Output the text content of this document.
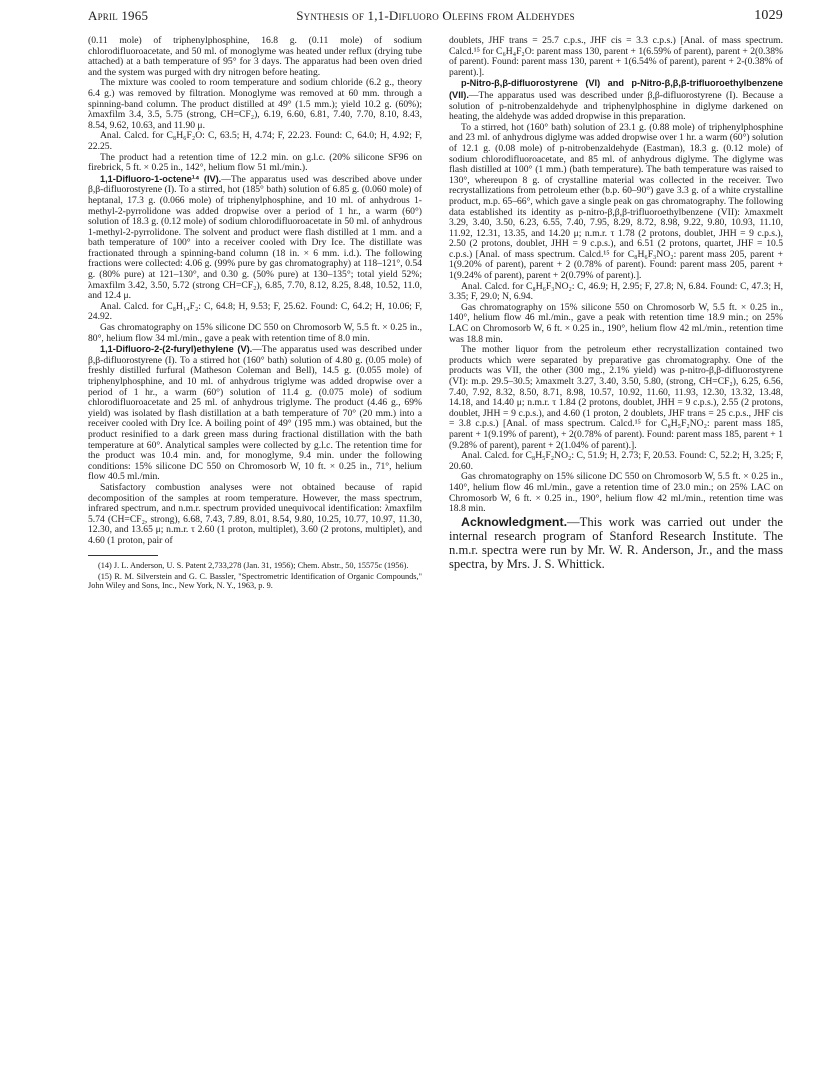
April 1965	Synthesis of 1,1-Difluoro Olefins from Aldehydes	1029

(0.11 mole) of triphenylphosphine, 16.8 g. (0.11 mole) of sodium chlorodifluoroacetate, and 50 ml. of monoglyme was heated under reflux (drying tube attached) at a bath temperature of 95° for 3 days. The apparatus had been oven dried and the system was purged with dry nitrogen before heating.

The mixture was cooled to room temperature and sodium chloride (6.2 g., theory 6.4 g.) was removed by filtration. Monoglyme was removed at 60 mm. through a spinning-band column. The product distilled at 49° (1.5 mm.); yield 10.2 g. (60%); λmaxfilm 3.4, 3.5, 5.75 (strong, CH=CF₂), 6.19, 6.60, 6.81, 7.40, 7.70, 8.10, 8.43, 8.54, 9.62, 10.63, and 11.90 μ.

Anal. Calcd. for C₈H₆F₂O: C, 63.5; H, 4.74; F, 22.23. Found: C, 64.0; H, 4.92; F, 22.25.

The product had a retention time of 12.2 min. on g.l.c. (20% silicone SF96 on firebrick, 5 ft. × 0.25 in., 142°, helium flow 51 ml./min.).

1,1-Difluoro-1-octene¹⁴ (IV).—The apparatus used was described above under β,β-difluorostyrene (I). To a stirred, hot (185° bath) solution of 6.85 g. (0.060 mole) of heptanal, 17.3 g. (0.066 mole) of triphenylphosphine, and 10 ml. of anhydrous 1-methyl-2-pyrrolidone was added dropwise over a period of 1 hr., a warm (60°) solution of 18.3 g. (0.12 mole) of sodium chlorodifluoroacetate in 50 ml. of anhydrous 1-methyl-2-pyrrolidone. The solvent and product were flash distilled at 1 mm. and a bath temperature of 100° into a receiver cooled with Dry Ice. The distillate was fractionated through a spinning-band column (18 in. × 6 mm. i.d.). The following fractions were collected: 4.06 g. (99% pure by gas chromatography) at 118–121°, 0.54 g. (80% pure) at 121–130°, and 0.30 g. (50% pure) at 130–135°; total yield 52%; λmaxfilm 3.42, 3.50, 5.72 (strong CH=CF₂), 6.85, 7.70, 8.12, 8.25, 8.48, 10.52, 11.0, and 12.4 μ.

Anal. Calcd. for C₈H₁₄F₂: C, 64.8; H, 9.53; F, 25.62. Found: C, 64.2; H, 10.06; F, 24.92.

Gas chromatography on 15% silicone DC 550 on Chromosorb W, 5.5 ft. × 0.25 in., 80°, helium flow 34 ml./min., gave a peak with retention time of 8.0 min.

1,1-Difluoro-2-(2-furyl)ethylene (V).—The apparatus used was described under β,β-difluorostyrene (I). To a stirred hot (160° bath) solution of 4.80 g. (0.05 mole) of freshly distilled furfural (Matheson Coleman and Bell), 14.5 g. (0.055 mole) of triphenylphosphine, and 10 ml. of anhydrous triglyme was added dropwise over a period of 1 hr., a warm (60°) solution of 11.4 g. (0.075 mole) of sodium chlorodifluoroacetate and 25 ml. of anhydrous triglyme. The product (4.46 g., 69% yield) was isolated by flash distillation at a bath temperature of 70° (20 mm.) into a receiver cooled with Dry Ice. A boiling point of 49° (195 mm.) was obtained, but the product resinified to a dark green mass during fractional distillation with the bath temperature at 60°. Analytical samples were collected by g.l.c. The retention time for the product was 10.4 min. and, for monoglyme, 9.4 min. under the following conditions: 15% silicone DC 550 on Chromosorb W, 10 ft. × 0.25 in., 71°, helium flow 40.5 ml./min.

Satisfactory combustion analyses were not obtained because of rapid decomposition of the samples at room temperature. However, the mass spectrum, infrared spectrum, and n.m.r. spectrum provided unequivocal identification: λmaxfilm 5.74 (CH=CF₂, strong), 6.68, 7.43, 7.89, 8.01, 8.54, 9.80, 10.25, 10.77, 10.97, 11.30, 12.30, and 13.65 μ; n.m.r. τ 2.60 (1 proton, multiplet), 3.60 (2 protons, multiplet), and 4.60 (1 proton, pair of

(14) J. L. Anderson, U. S. Patent 2,733,278 (Jan. 31, 1956); Chem. Abstr., 50, 15575c (1956).

(15) R. M. Silverstein and G. C. Bassler, "Spectrometric Identification of Organic Compounds," John Wiley and Sons, Inc., New York, N. Y., 1963, p. 9.

doublets, JHF trans = 25.7 c.p.s., JHF cis = 3.3 c.p.s.) [Anal. of mass spectrum. Calcd.¹⁵ for C₆H₄F₂O: parent mass 130, parent + 1(6.59% of parent), parent + 2(0.38% of parent). Found: parent mass 130, parent + 1(6.54% of parent), parent + 2-(0.38% of parent).].

p-Nitro-β,β-difluorostyrene (VI) and p-Nitro-β,β,β-trifluoroethylbenzene (VII).—The apparatus used was described under β,β-difluorostyrene (I). Because a solution of p-nitrobenzaldehyde and triphenylphosphine in diglyme darkened on heating, the aldehyde was added dropwise in this preparation.

To a stirred, hot (160° bath) solution of 23.1 g. (0.88 mole) of triphenylphosphine and 23 ml. of anhydrous diglyme was added dropwise over 1 hr. a warm (60°) solution of 12.1 g. (0.08 mole) of p-nitrobenzaldehyde (Eastman), 18.3 g. (0.12 mole) of sodium chlorodifluoroacetate, and 85 ml. of anhydrous diglyme. The diglyme was flash distilled at 100° (1 mm.) (bath temperature). The bath temperature was raised to 130°, whereupon 8 g. of crystalline material was collected in the receiver. Two recrystallizations from petroleum ether (b.p. 60–90°) gave 3.3 g. of a white crystalline product, m.p. 65–66°, which gave a single peak on gas chromatography. The following data established its identity as p-nitro-β,β,β-trifluoroethylbenzene (VII): λmaxmelt 3.29, 3.40, 3.50, 6.23, 6.55, 7.40, 7.95, 8.29, 8.72, 8.98, 9.22, 9.80, 10.93, 11.10, 11.92, 12.31, 13.35, and 14.20 μ; n.m.r. τ 1.78 (2 protons, doublet, JHH = 9 c.p.s.), 2.50 (2 protons, doublet, JHH = 9 c.p.s.), and 6.51 (2 protons, quartet, JHF = 10.5 c.p.s.) [Anal. of mass spectrum. Calcd.¹⁵ for C₈H₆F₃NO₂: parent mass 205, parent + 1(9.20% of parent), parent + 2 (0.78% of parent). Found: parent mass 205, parent + 1(9.24% of parent), parent + 2(0.79% of parent).].

Anal. Calcd. for C₈H₆F₃NO₂: C, 46.9; H, 2.95; F, 27.8; N, 6.84. Found: C, 47.3; H, 3.35; F, 29.0; N, 6.94.

Gas chromatography on 15% silicone 550 on Chromosorb W, 5.5 ft. × 0.25 in., 140°, helium flow 46 ml./min., gave a peak with retention time 18.9 min.; on 25% LAC on Chromosorb W, 6 ft. × 0.25 in., 190°, helium flow 42 ml./min., retention time was 18.8 min.

The mother liquor from the petroleum ether recrystallization contained two products which were separated by preparative gas chromatography. One of the products was VII, the other (300 mg., 2.1% yield) was p-nitro-β,β-difluorostyrene (VI): m.p. 29.5–30.5; λmaxmelt 3.27, 3.40, 3.50, 5.80, (strong, CH=CF₂), 6.25, 6.56, 7.40, 7.92, 8.32, 8.50, 8.71, 8.98, 10.57, 10.92, 11.60, 11.93, 12.30, 13.32, 13.48, 14.18, and 14.40 μ; n.m.r. τ 1.84 (2 protons, doublet, JHH = 9 c.p.s.), 2.55 (2 protons, doublet, JHH = 9 c.p.s.), and 4.60 (1 proton, 2 doublets, JHF trans = 25 c.p.s., JHF cis = 3.8 c.p.s.) [Anal. of mass spectrum. Calcd.¹⁵ for C₈H₅F₂NO₂: parent mass 185, parent + 1(9.19% of parent), + 2(0.78% of parent). Found: parent mass 185, parent + 1 (9.28% of parent), parent + 2(1.04% of parent).].

Anal. Calcd. for C₈H₅F₂NO₂: C, 51.9; H, 2.73; F, 20.53. Found: C, 52.2; H, 3.25; F, 20.60.

Gas chromatography on 15% silicone DC 550 on Chromosorb W, 5.5 ft. × 0.25 in., 140°, helium flow 46 ml./min., gave a retention time of 23.0 min.; on 25% LAC on Chromosorb W, 6 ft. × 0.25 in., 190°, helium flow 42 ml./min., retention time was 18.8 min.

Acknowledgment.—This work was carried out under the internal research program of Stanford Research Institute. The n.m.r. spectra were run by Mr. W. R. Anderson, Jr., and the mass spectra, by Mrs. J. S. Whittick.
